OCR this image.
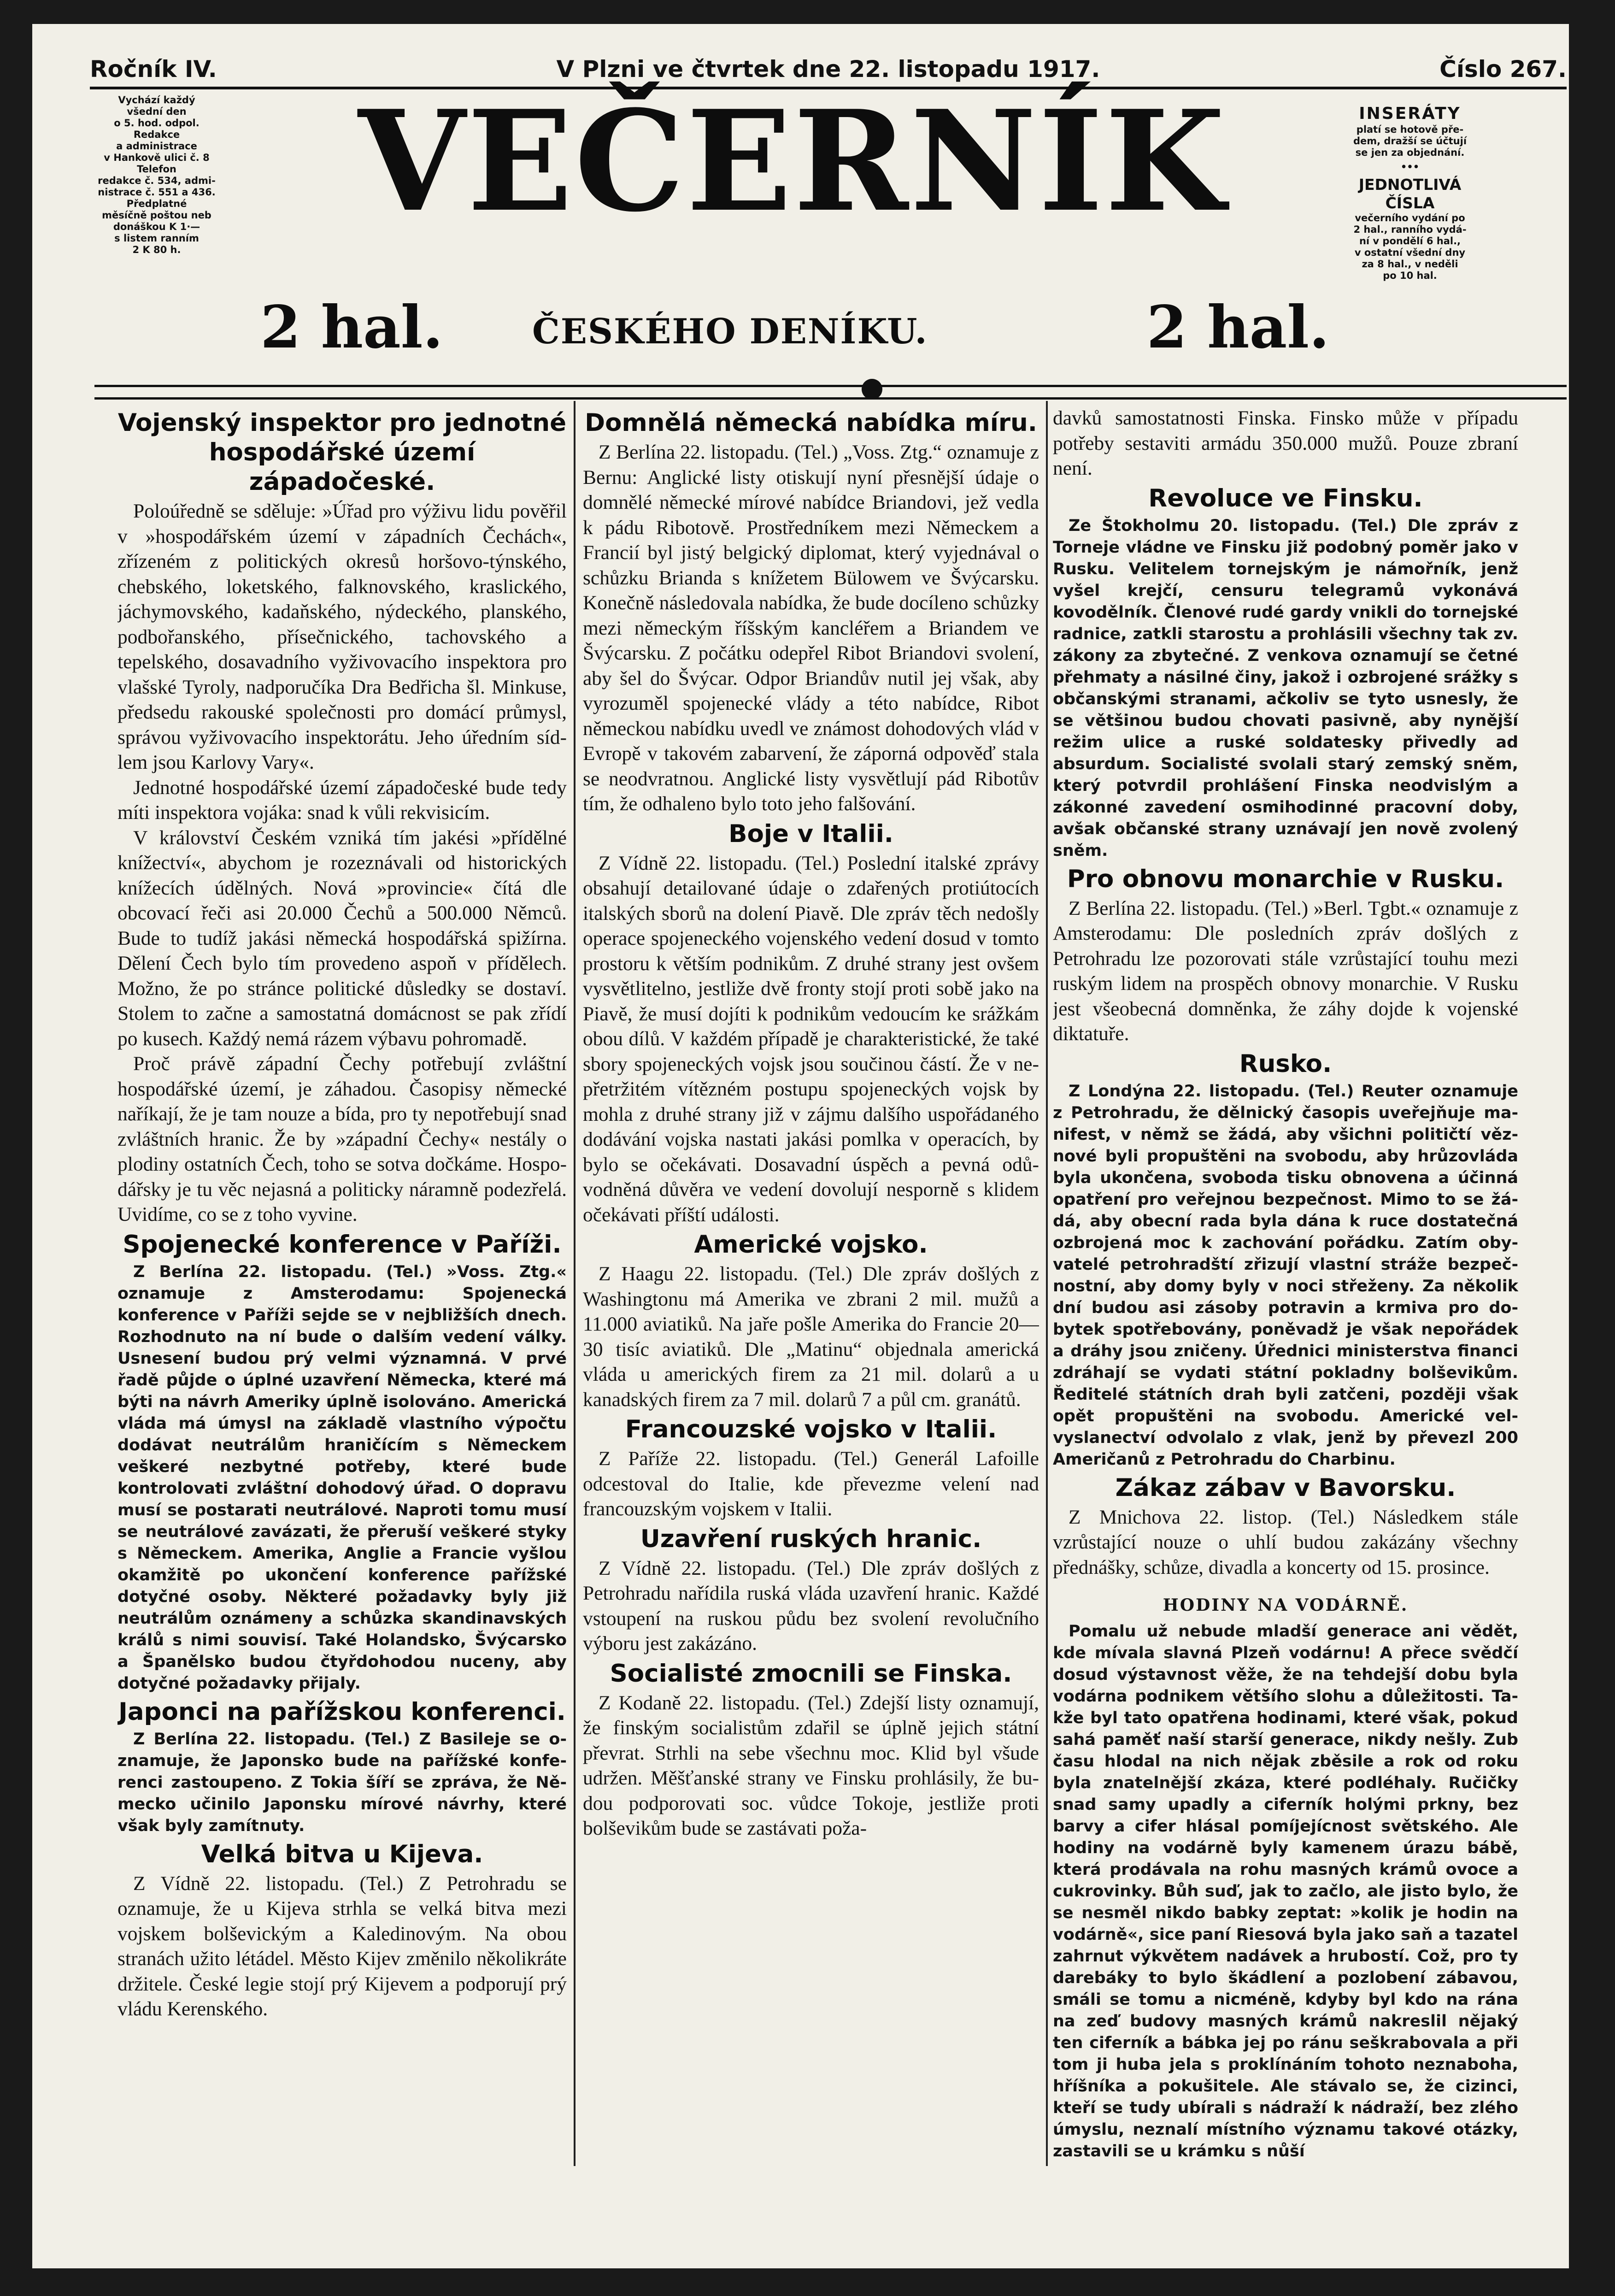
Ročník IV.	V Plzni ve čtvrtek dne 22. listopadu 1917.	Číslo 267.
Vychází každý
všední den
o 5. hod. odpol.
Redakce
a administrace
v Hankově ulici č. 8
Telefon
redakce č. 534, admi-
nistrace č. 551 a 436.
Předplatné
měsíčně poštou neb
donáškou K 1·—
s listem ranním
2 K 80 h.
INSERÁTY
platí se hotově pře-
dem, dražší se účtují
se jen za objednání.
•••
JEDNOTLIVÁ ČÍSLA
večerního vydání po
2 hal., ranního vydá-
ní v pondělí 6 hal.,
v ostatní všední dny
za 8 hal., v neděli
po 10 hal.
VEČERNÍK
2 hal.	ČESKÉHO DENÍKU.	2 hal.
Vojenský inspektor pro jednotné hospodářské území západočeské.

Poloúředně se sděluje: »Úřad pro výživu lidu pověřil v »hospodářském území v západních Čechách«, zřízeném z politických okresů horšovo-týnského, chebského, loketského, falknovského, kraslického, jáchymovského, kadaňského, nýdeckého, planského, podbořanského, přísečnického, tachovského a tepelského, dosavadního vyživovacího inspektora pro vlašské Tyroly, nadporučíka Dra Bedřicha šl. Minkuse, předsedu rakouské společnosti pro domácí průmysl, správou vyživovacího inspektorátu. Jeho úředním sídlem jsou Karlovy Vary«.

Jednotné hospodářské území západočeské bude tedy míti inspektora vojáka: snad k vůli rekvisicím.

V království Českém vzniká tím jakési »přídělné knížectví«, abychom je rozeznávali od historických knížecích údělných. Nová »provincie« čítá dle obcovací řeči asi 20.000 Čechů a 500.000 Němců. Bude to tudíž jakási německá hospodářská spižírna. Dělení Čech bylo tím provedeno aspoň v přídělech. Možno, že po stránce politické důsledky se dostaví. Stolem to začne a samostatná domácnost se pak zřídí po kusech. Každý nemá rázem výbavu pohromadě.

Proč právě západní Čechy potřebují zvláštní hospodářské území, je záhadou. Časopisy německé naříkají, že je tam nouze a bída, pro ty nepotřebují snad zvláštních hranic. Že by »západní Čechy« nestály o plodiny ostatních Čech, toho se sotva dočkáme. Hospodářsky je tu věc nejasná a politicky náramně podezřelá. Uvidíme, co se z toho vyvine.

Spojenecké konference v Paříži.

Z Berlína 22. listopadu. (Tel.) »Voss. Ztg.« oznamuje z Amsterodamu: Spojenecká konference v Paříži sejde se v nejbližších dnech. Rozhodnuto na ní bude o dalším vedení války. Usnesení budou prý velmi významná. V prvé řadě půjde o úplné uzavření Německa, které má býti na návrh Ameriky úplně isolováno. Americká vláda má úmysl na základě vlastního výpočtu dodávat neutrálům hraničícím s Německem veškeré nezbytné potřeby, které bude kontrolovati zvláštní dohodový úřad. O dopravu musí se postarati neutrálové. Naproti tomu musí se neutrálové zavázati, že přeruší veškeré styky s Německem. Amerika, Anglie a Francie vyšlou okamžitě po ukončení konference pařížské dotyčné osoby. Některé požadavky byly již neutrálům oznámeny a schůzka skandinavských králů s nimi souvisí. Také Holandsko, Švýcarsko a Španělsko budou čtyřdohodou nuceny, aby dotyčné požadavky přijaly.

Japonci na pařížskou konferenci.

Z Berlína 22. listopadu. (Tel.) Z Basileje se oznamuje, že Japonsko bude na pařížské konferenci zastoupeno. Z Tokia šíří se zpráva, že Německo učinilo Japonsku mírové návrhy, které však byly zamítnuty.

Velká bitva u Kijeva.

Z Vídně 22. listopadu. (Tel.) Z Petrohradu se oznamuje, že u Kijeva strhla se velká bitva mezi vojskem bolševickým a Kaledinovým. Na obou stranách užito létádel. Město Kijev změnilo několikráte držitele. České legie stojí prý Kijevem a podporují prý vládu Kerenského.

Domnělá německá nabídka míru.

Z Berlína 22. listopadu. (Tel.) „Voss. Ztg.“ oznamuje z Bernu: Anglické listy otiskují nyní přesnější údaje o domnělé německé mírové nabídce Briandovi, jež vedla k pádu Ribotově. Prostředníkem mezi Německem a Francií byl jistý belgický diplomat, který vyjednával o schůzku Brianda s knížetem Bülowem ve Švýcarsku. Konečně následovala nabídka, že bude docíleno schůzky mezi německým říšským kancléřem a Briandem ve Švýcarsku. Z počátku odepřel Ribot Briandovi svolení, aby šel do Švýcar. Odpor Briandův nutil jej však, aby vyrozuměl spojenecké vlády a této nabídce, Ribot německou nabídku uvedl ve známost dohodových vlád v Evropě v takovém zabarvení, že záporná odpověď stala se neodvratnou. Anglické listy vysvětlují pád Ribotův tím, že odhaleno bylo toto jeho falšování.

Boje v Italii.

Z Vídně 22. listopadu. (Tel.) Poslední italské zprávy obsahují detailované údaje o zdařených protiútocích italských sborů na dolení Piavě. Dle zpráv těch nedošly operace spojeneckého vojenského vedení dosud v tomto prostoru k větším podnikům. Z druhé strany jest ovšem vysvětlitelno, jestliže dvě fronty stojí proti sobě jako na Piavě, že musí dojíti k podnikům vedoucím ke srážkám obou dílů. V každém případě je charakteristické, že také sbory spojeneckých vojsk jsou součinou částí. Že v nepřetržitém vítězném postupu spojeneckých vojsk by mohla z druhé strany již v zájmu dalšího uspořádaného dodávání vojska nastati jakási pomlka v operacích, by bylo se očekávati. Dosavadní úspěch a pevná odůvodněná důvěra ve vedení dovolují nesporně s klidem očekávati příští události.

Americké vojsko.

Z Haagu 22. listopadu. (Tel.) Dle zpráv došlých z Washingtonu má Amerika ve zbrani 2 mil. mužů a 11.000 aviatiků. Na jaře pošle Amerika do Francie 20—30 tisíc aviatiků. Dle „Matinu“ objednala americká vláda u amerických firem za 21 mil. dolarů a u kanadských firem za 7 mil. dolarů 7 a půl cm. granátů.

Francouzské vojsko v Italii.

Z Paříže 22. listopadu. (Tel.) Generál Lafoille odcestoval do Italie, kde převezme velení nad francouzským vojskem v Italii.

Uzavření ruských hranic.

Z Vídně 22. listopadu. (Tel.) Dle zpráv došlých z Petrohradu nařídila ruská vláda uzavření hranic. Každé vstoupení na ruskou půdu bez svolení revolučního výboru jest zakázáno.

Socialisté zmocnili se Finska.

Z Kodaně 22. listopadu. (Tel.) Zdejší listy oznamují, že finským socialistům zdařil se úplně jejich státní převrat. Strhli na sebe všechnu moc. Klid byl všude udržen. Měšťanské strany ve Finsku prohlásily, že budou podporovati soc. vůdce Tokoje, jestliže proti bolševikům bude se zastávati poža-

davků samostatnosti Finska. Finsko může v případu potřeby sestaviti armádu 350.000 mužů. Pouze zbraní není.

Revoluce ve Finsku.

Ze Štokholmu 20. listopadu. (Tel.) Dle zpráv z Torneje vládne ve Finsku již podobný poměr jako v Rusku. Velitelem tornejským je námořník, jenž vyšel krejčí, censuru telegramů vykonává kovodělník. Členové rudé gardy vnikli do tornejské radnice, zatkli starostu a prohlásili všechny tak zv. zákony za zbytečné. Z venkova oznamují se četné přehmaty a násilné činy, jakož i ozbrojené srážky s občanskými stranami, ačkoliv se tyto usnesly, že se většinou budou chovati pasivně, aby nynější režim ulice a ruské soldatesky přivedly ad absurdum. Socialisté svolali starý zemský sněm, který potvrdil prohlášení Finska neodvislým a zákonné zavedení osmihodinné pracovní doby, avšak občanské strany uznávají jen nově zvolený sněm.

Pro obnovu monarchie v Rusku.

Z Berlína 22. listopadu. (Tel.) »Berl. Tgbt.« oznamuje z Amsterodamu: Dle posledních zpráv došlých z Petrohradu lze pozorovati stále vzrůstající touhu mezi ruským lidem na prospěch obnovy monarchie. V Rusku jest všeobecná domněnka, že záhy dojde k vojenské diktatuře.

Rusko.

Z Londýna 22. listopadu. (Tel.) Reuter oznamuje z Petrohradu, že dělnický časopis uveřejňuje manifest, v němž se žádá, aby všichni političtí věznové byli propuštěni na svobodu, aby hrůzovláda byla ukončena, svoboda tisku obnovena a účinná opatření pro veřejnou bezpečnost. Mimo to se žádá, aby obecní rada byla dána k ruce dostatečná ozbrojená moc k zachování pořádku. Zatím obyvatelé petrohradští zřizují vlastní stráže bezpečnostní, aby domy byly v noci střeženy. Za několik dní budou asi zásoby potravin a krmiva pro dobytek spotřebovány, poněvadž je však nepořádek a dráhy jsou zničeny. Úřednici ministerstva financi zdráhají se vydati státní pokladny bolševikům. Ředitelé státních drah byli zatčeni, později však opět propuštěni na svobodu. Americké velvyslanectví odvolalo z vlak, jenž by převezl 200 Američanů z Petrohradu do Charbinu.

Zákaz zábav v Bavorsku.

Z Mnichova 22. listop. (Tel.) Následkem stále vzrůstající nouze o uhlí budou zakázány všechny přednášky, schůze, divadla a koncerty od 15. prosince.

HODINY NA VODÁRNĚ.

Pomalu už nebude mladší generace ani vědět, kde mívala slavná Plzeň vodárnu! A přece svědčí dosud výstavnost věže, že na tehdejší dobu byla vodárna podnikem většího slohu a důležitosti. Takže byl tato opatřena hodinami, které však, pokud sahá paměť naší starší generace, nikdy nešly. Zub času hlodal na nich nějak zběsile a rok od roku byla znatelnější zkáza, které podléhaly. Ručičky snad samy upadly a ciferník holými prkny, bez barvy a cifer hlásal pomíjejícnost světského. Ale hodiny na vodárně byly kamenem úrazu bábě, která prodávala na rohu masných krámů ovoce a cukrovinky. Bůh suď, jak to začlo, ale jisto bylo, že se nesměl nikdo babky zeptat: »kolik je hodin na vodárně«, sice paní Riesová byla jako saň a tazatel zahrnut výkvětem nadávek a hrubostí. Což, pro ty darebáky to bylo škádlení a pozlobení zábavou, smáli se tomu a nicméně, kdyby byl kdo na rána na zeď budovy masných krámů nakreslil nějaký ten ciferník a bábka jej po ránu seškrabovala a při tom ji huba jela s proklínáním tohoto neznaboha, hříšníka a pokušitele. Ale stávalo se, že cizinci, kteří se tudy ubírali s nádraží k nádraží, bez zlého úmyslu, neznalí místního významu takové otázky, zastavili se u krámku s nůší
